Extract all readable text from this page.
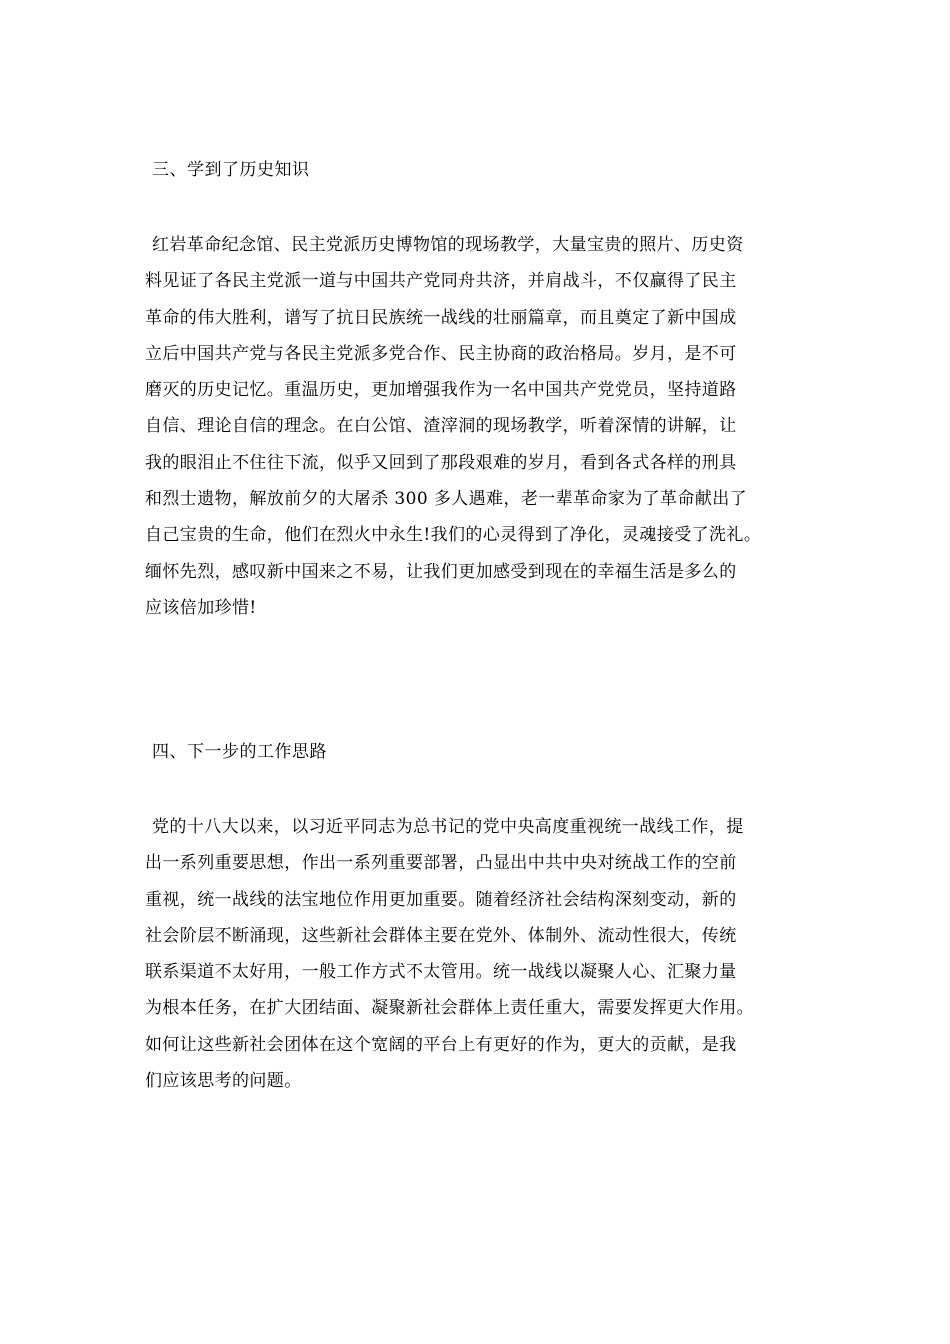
三、学到了历史知识
红岩革命纪念馆、民主党派历史博物馆的现场教学，大量宝贵的照片、历史资
料见证了各民主党派一道与中国共产党同舟共济，并肩战斗，不仅赢得了民主
革命的伟大胜利，谱写了抗日民族统一战线的壮丽篇章，而且奠定了新中国成
立后中国共产党与各民主党派多党合作、民主协商的政治格局。岁月，是不可
磨灭的历史记忆。重温历史，更加增强我作为一名中国共产党党员，坚持道路
自信、理论自信的理念。在白公馆、渣滓洞的现场教学，听着深情的讲解，让
我的眼泪止不住往下流，似乎又回到了那段艰难的岁月，看到各式各样的刑具
和烈士遗物，解放前夕的大屠杀 300 多人遇难，老一辈革命家为了革命献出了
自己宝贵的生命，他们在烈火中永生!我们的心灵得到了净化，灵魂接受了洗礼。
缅怀先烈，感叹新中国来之不易，让我们更加感受到现在的幸福生活是多么的
应该倍加珍惜!
四、下一步的工作思路
党的十八大以来，以习近平同志为总书记的党中央高度重视统一战线工作，提
出一系列重要思想，作出一系列重要部署，凸显出中共中央对统战工作的空前
重视，统一战线的法宝地位作用更加重要。随着经济社会结构深刻变动，新的
社会阶层不断涌现，这些新社会群体主要在党外、体制外、流动性很大，传统
联系渠道不太好用，一般工作方式不太管用。统一战线以凝聚人心、汇聚力量
为根本任务，在扩大团结面、凝聚新社会群体上责任重大，需要发挥更大作用。
如何让这些新社会团体在这个宽阔的平台上有更好的作为，更大的贡献，是我
们应该思考的问题。
